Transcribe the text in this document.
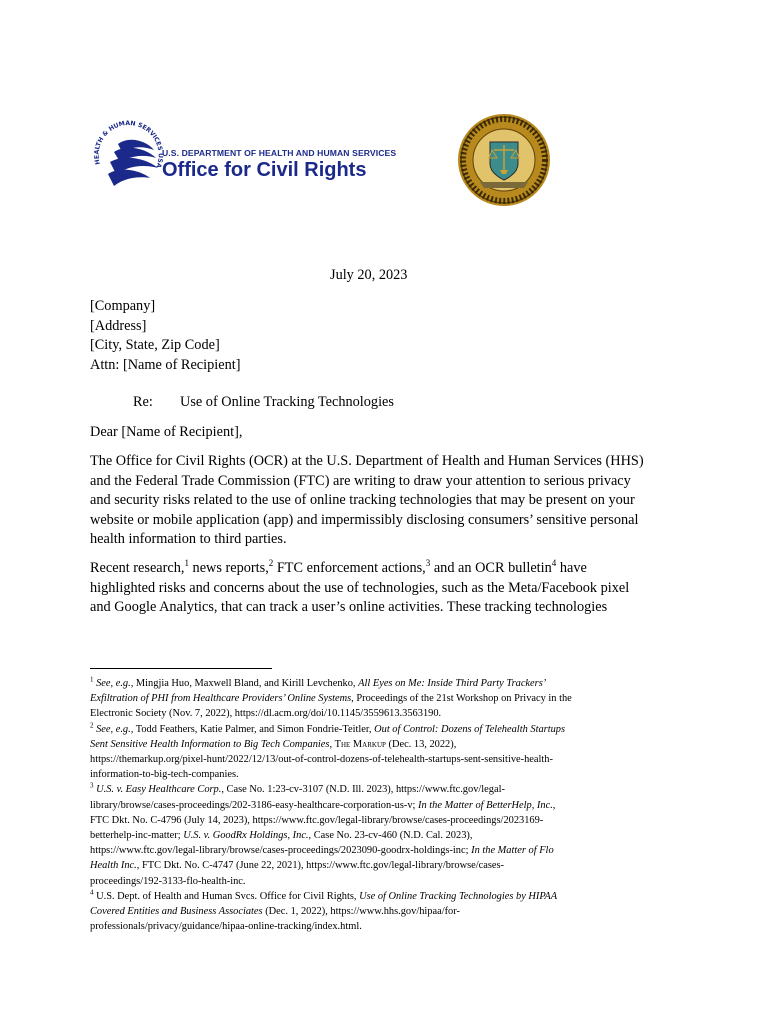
HEALTH & HUMAN SERVICES USA
U.S. DEPARTMENT OF HEALTH AND HUMAN SERVICES
Office for Civil Rights
July 20, 2023
[Company]
[Address]
[City, State, Zip Code]
Attn: [Name of Recipient]
Re: Use of Online Tracking Technologies
Dear [Name of Recipient],
The Office for Civil Rights (OCR) at the U.S. Department of Health and Human Services (HHS)
and the Federal Trade Commission (FTC) are writing to draw your attention to serious privacy
and security risks related to the use of online tracking technologies that may be present on your
website or mobile application (app) and impermissibly disclosing consumers’ sensitive personal
health information to third parties.
Recent research,$^1$ news reports,$^2$ FTC enforcement actions,$^3$ and an OCR bulletin$^4$ have
highlighted risks and concerns about the use of technologies, such as the Meta/Facebook pixel
and Google Analytics, that can track a user’s online activities. These tracking technologies
$^1$ See, e.g., Mingjia Huo, Maxwell Bland, and Kirill Levchenko, All Eyes on Me: Inside Third Party Trackers’
Exfiltration of PHI from Healthcare Providers’ Online Systems, Proceedings of the 21st Workshop on Privacy in the
Electronic Society (Nov. 7, 2022), https://dl.acm.org/doi/10.1145/3559613.3563190.
$^2$ See, e.g., Todd Feathers, Katie Palmer, and Simon Fondrie-Teitler, Out of Control: Dozens of Telehealth Startups
Sent Sensitive Health Information to Big Tech Companies, The Markup (Dec. 13, 2022),
https://themarkup.org/pixel-hunt/2022/12/13/out-of-control-dozens-of-telehealth-startups-sent-sensitive-health-
information-to-big-tech-companies.
$^3$ U.S. v. Easy Healthcare Corp., Case No. 1:23-cv-3107 (N.D. Ill. 2023), https://www.ftc.gov/legal-
library/browse/cases-proceedings/202-3186-easy-healthcare-corporation-us-v; In the Matter of BetterHelp, Inc.,
FTC Dkt. No. C-4796 (July 14, 2023), https://www.ftc.gov/legal-library/browse/cases-proceedings/2023169-
betterhelp-inc-matter; U.S. v. GoodRx Holdings, Inc., Case No. 23-cv-460 (N.D. Cal. 2023),
https://www.ftc.gov/legal-library/browse/cases-proceedings/2023090-goodrx-holdings-inc; In the Matter of Flo
Health Inc., FTC Dkt. No. C-4747 (June 22, 2021), https://www.ftc.gov/legal-library/browse/cases-
proceedings/192-3133-flo-health-inc.
$^4$ U.S. Dept. of Health and Human Svcs. Office for Civil Rights, Use of Online Tracking Technologies by HIPAA
Covered Entities and Business Associates (Dec. 1, 2022), https://www.hhs.gov/hipaa/for-
professionals/privacy/guidance/hipaa-online-tracking/index.html.
